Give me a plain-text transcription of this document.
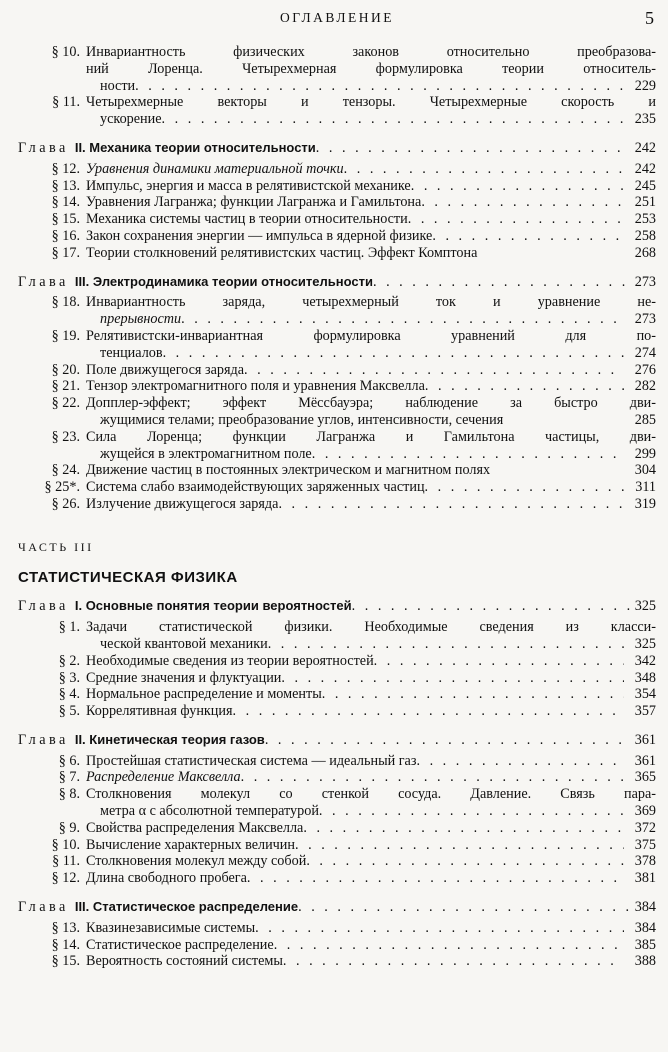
ОГЛАВЛЕНИЕ	5
§ 10. Инвариантность физических законов относительно преобразова-
ний Лоренца. Четырехмерная формулировка теории относитель-
ности . . .	229
§ 11. Четырехмерные векторы и тензоры. Четырехмерные скорость и
ускорение . . .	235
Глава II. Механика теории относительности . . .	242
§ 12. Уравнения динамики материальной точки . . .	242
§ 13. Импульс, энергия и масса в релятивистской механике . . .	245
§ 14. Уравнения Лагранжа; функции Лагранжа и Гамильтона . . .	251
§ 15. Механика системы частиц в теории относительности . . .	253
§ 16. Закон сохранения энергии — импульса в ядерной физике . . .	258
§ 17. Теории столкновений релятивистских частиц. Эффект Комптона	268
Глава III. Электродинамика теории относительности . . .	273
§ 18. Инвариантность заряда, четырехмерный ток и уравнение не-
прерывности . . .	273
§ 19. Релятивистски-инвариантная формулировка уравнений для по-
тенциалов . . .	274
§ 20. Поле движущегося заряда . . .	276
§ 21. Тензор электромагнитного поля и уравнения Максвелла . . .	282
§ 22. Допплер-эффект; эффект Мёссбауэра; наблюдение за быстро дви-
жущимися телами; преобразование углов, интенсивности, сечения	285
§ 23. Сила Лоренца; функции Лагранжа и Гамильтона частицы, дви-
жущейся в электромагнитном поле . . .	299
§ 24. Движение частиц в постоянных электрическом и магнитном полях	304
§ 25*. Система слабо взаимодействующих заряженных частиц . . .	311
§ 26. Излучение движущегося заряда . . .	319
ЧАСТЬ III
СТАТИСТИЧЕСКАЯ ФИЗИКА
Глава I. Основные понятия теории вероятностей . . .	325
§ 1. Задачи статистической физики. Необходимые сведения из класси-
ческой квантовой механики . . .	325
§ 2. Необходимые сведения из теории вероятностей . . .	342
§ 3. Средние значения и флуктуации . . .	348
§ 4. Нормальное распределение и моменты . . .	354
§ 5. Коррелятивная функция . . .	357
Глава II. Кинетическая теория газов . . .	361
§ 6. Простейшая статистическая система — идеальный газ . . .	361
§ 7. Распределение Максвелла . . .	365
§ 8. Столкновения молекул со стенкой сосуда. Давление. Связь пара-
метра α с абсолютной температурой . . .	369
§ 9. Свойства распределения Максвелла . . .	372
§ 10. Вычисление характерных величин . . .	375
§ 11. Столкновения молекул между собой . . .	378
§ 12. Длина свободного пробега . . .	381
Глава III. Статистическое распределение . . .	384
§ 13. Квазинезависимые системы . . .	384
§ 14. Статистическое распределение . . .	385
§ 15. Вероятность состояний системы . . .	388
